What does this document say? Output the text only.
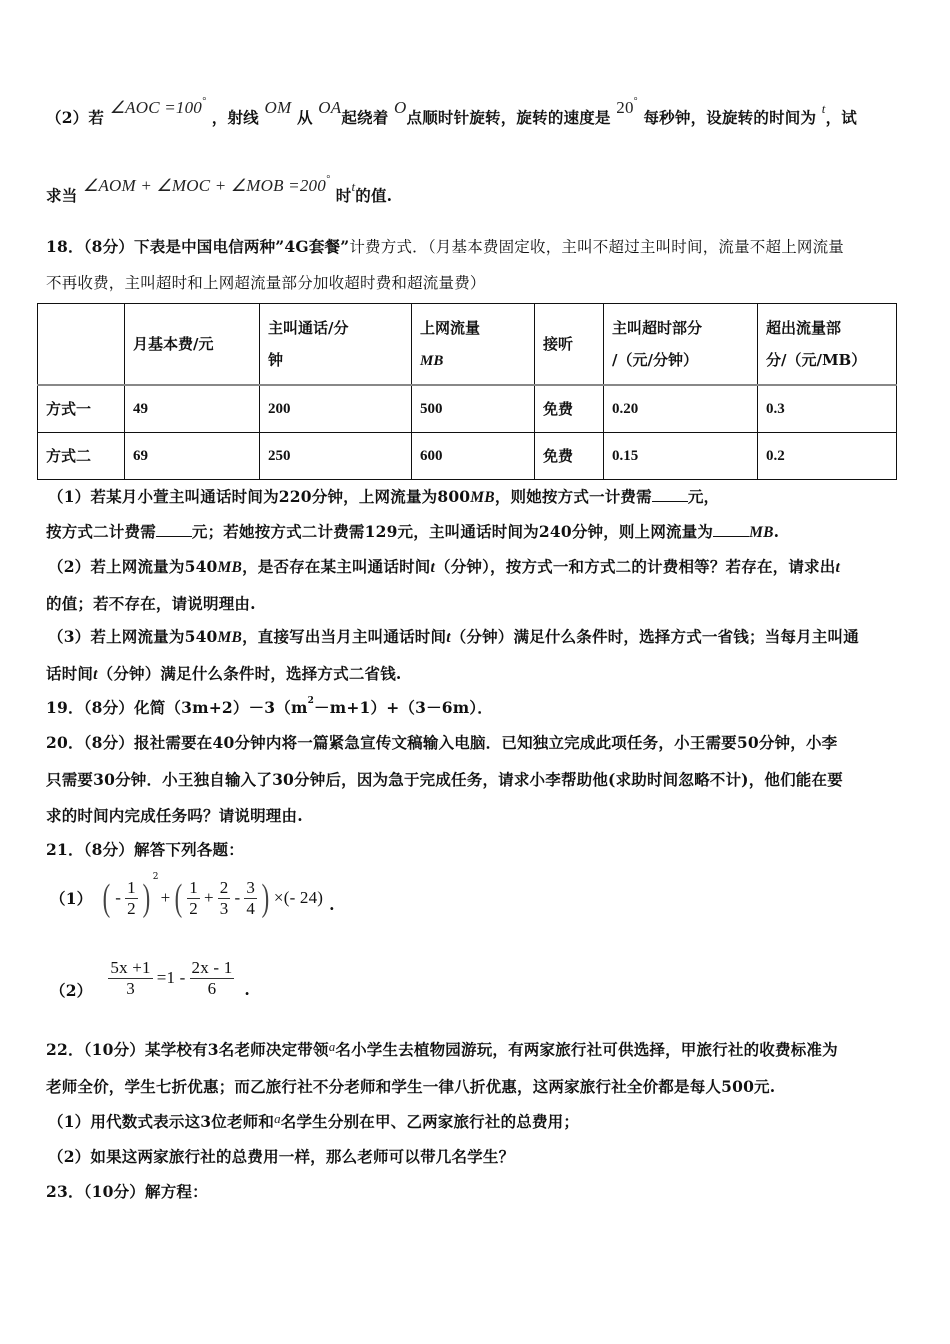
（2）若 ∠AOC =100° ，射线 OM 从 OA起绕着 O点顺时针旋转，旋转的速度是 20° 每秒钟，设旋转的时间为 $^t$，试
求当 ∠AOM + ∠MOC + ∠MOB =200° 时$^t$的值.
18．（8分）下表是中国电信两种”4G套餐”计费方式．（月基本费固定收，主叫不超过主叫时间，流量不超上网流量
不再收费，主叫超时和上网超流量部分加收超时费和超流量费）
	月基本费/元	主叫通话/分
钟	上网流量
MB	接听	主叫超时部分
/（元/分钟）	超出流量部
分/（元/MB）
方式一	49	200	500	免费	0.20	0.3
方式二	69	250	600	免费	0.15	0.2
（1）若某月小萱主叫通话时间为220分钟，上网流量为800MB，则她按方式一计费需 元，
按方式二计费需 元；若她按方式二计费需129元，主叫通话时间为240分钟，则上网流量为 MB.
（2）若上网流量为540MB，是否存在某主叫通话时间t（分钟），按方式一和方式二的计费相等？若存在，请求出t
的值；若不存在，请说明理由.
（3）若上网流量为540MB，直接写出当月主叫通话时间t（分钟）满足什么条件时，选择方式一省钱；当每月主叫通
话时间t（分钟）满足什么条件时，选择方式二省钱.
19．（8分）化简$(3m+2)-3(m^2-m+1)+(3-6m)$．
20．（8分）报社需要在40分钟内将一篇紧急宣传文稿输入电脑．已知独立完成此项任务，小王需要50分钟，小李
只需要30分钟．小王独自输入了30分钟后，因为急于完成任务，请求小李帮助他(求助时间忽略不计)，他们能在要
求的时间内完成任务吗？请说明理由.
21．（8分）解答下列各题：
（1） ( - $\frac{1}{2}$ ) 2
+ ( $\frac{1}{2} + \frac{2}{3} - \frac{3}{4}$ ) ×(- 24) .
$(2) \frac{5x +1}{3} =1 - \frac{2x - 1}{6}$ .
22．（10分）某学校有3名老师决定带领$^a$名小学生去植物园游玩，有两家旅行社可供选择，甲旅行社的收费标准为
老师全价，学生七折优惠；而乙旅行社不分老师和学生一律八折优惠，这两家旅行社全价都是每人500元.
（1）用代数式表示这3位老师和$^a$名学生分别在甲、乙两家旅行社的总费用；
（2）如果这两家旅行社的总费用一样，那么老师可以带几名学生？
23．（10分）解方程：
